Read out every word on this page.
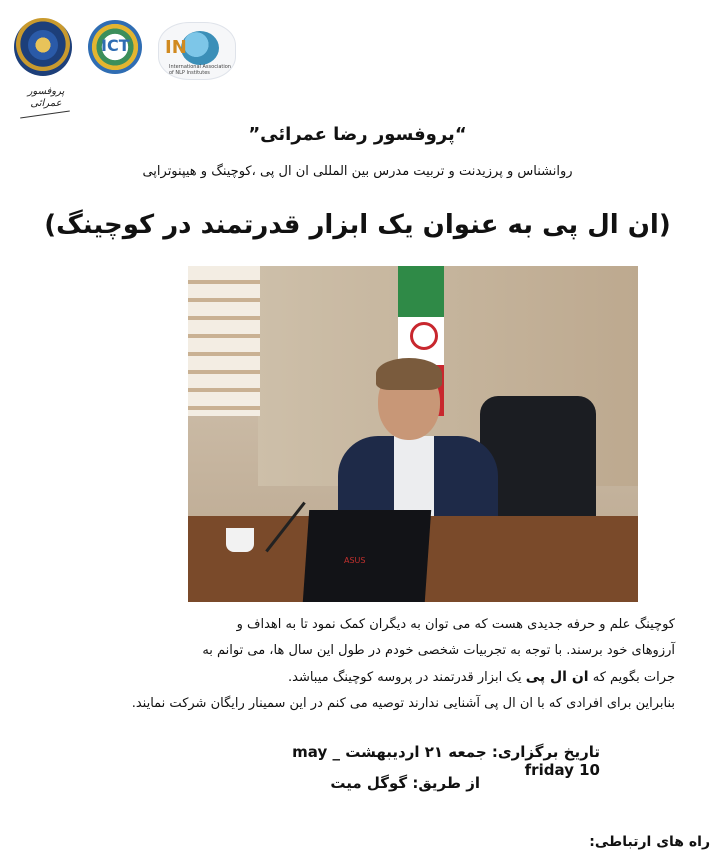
ICT IN
International Association of NLP Institutes
پروفسور عمرائی
“پروفسور رضا عمرائی”
روانشناس و پرزیدنت و تربیت مدرس بین المللی ان ال پی ،کوچینگ و هیپنوتراپی
(ان ال پی به عنوان یک ابزار قدرتمند در کوچینگ)
ASUS

کوچینگ علم و حرفه جدیدی هست که می توان به دیگران کمک نمود تا به اهداف و

آرزوهای خود برسند. با توجه به تجربیات شخصی خودم در طول این سال ها، می توانم به

جرات بگویم که ان ال پی یک ابزار قدرتمند در پروسه کوچینگ میباشد.

بنابراین برای افرادی که با ان ال پی آشنایی ندارند توصیه می کنم در این سمینار رایگان شرکت نمایند.

تاریخ برگزاری: جمعه ۲۱ اردیبهشت _ may friday 10
از طریق: گوگل میت
راه های ارتباطی:
